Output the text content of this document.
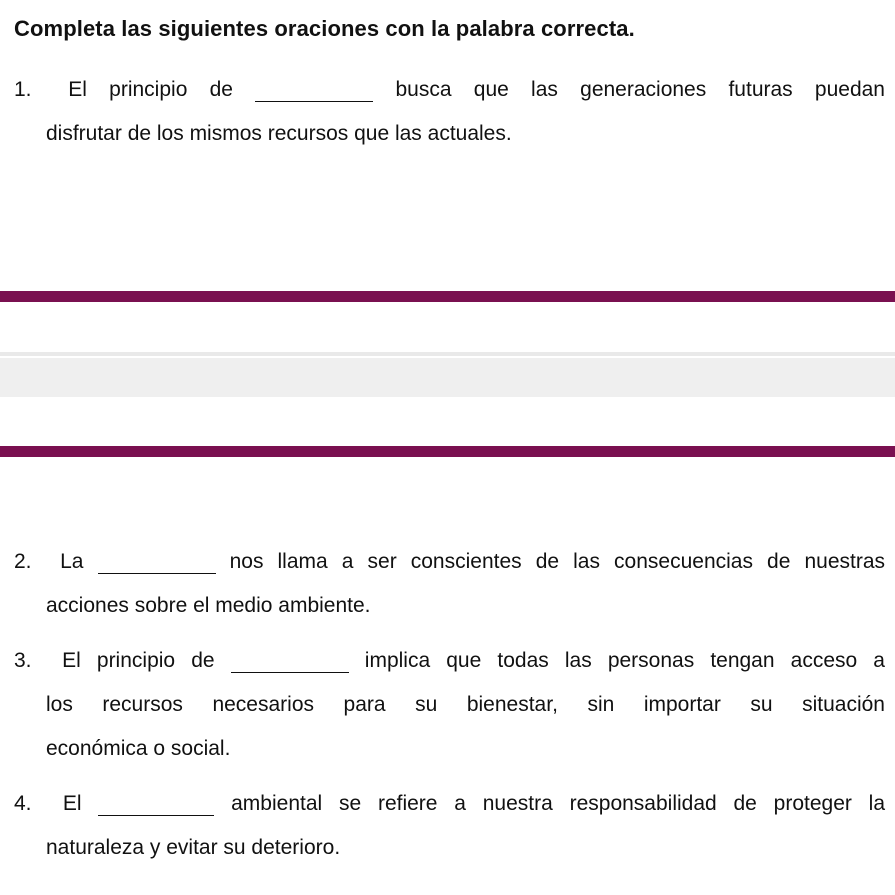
Completa las siguientes oraciones con la palabra correcta.
1. El principio de	busca que las generaciones futuras puedan
disfrutar de los mismos recursos que las actuales.
2. La	nos llama a ser conscientes de las consecuencias de nuestras
acciones sobre el medio ambiente.
3. El principio de	implica que todas las personas tengan acceso a
los recursos necesarios para su bienestar, sin importar su situación
económica o social.
4. El	ambiental se refiere a nuestra responsabilidad de proteger la
naturaleza y evitar su deterioro.
